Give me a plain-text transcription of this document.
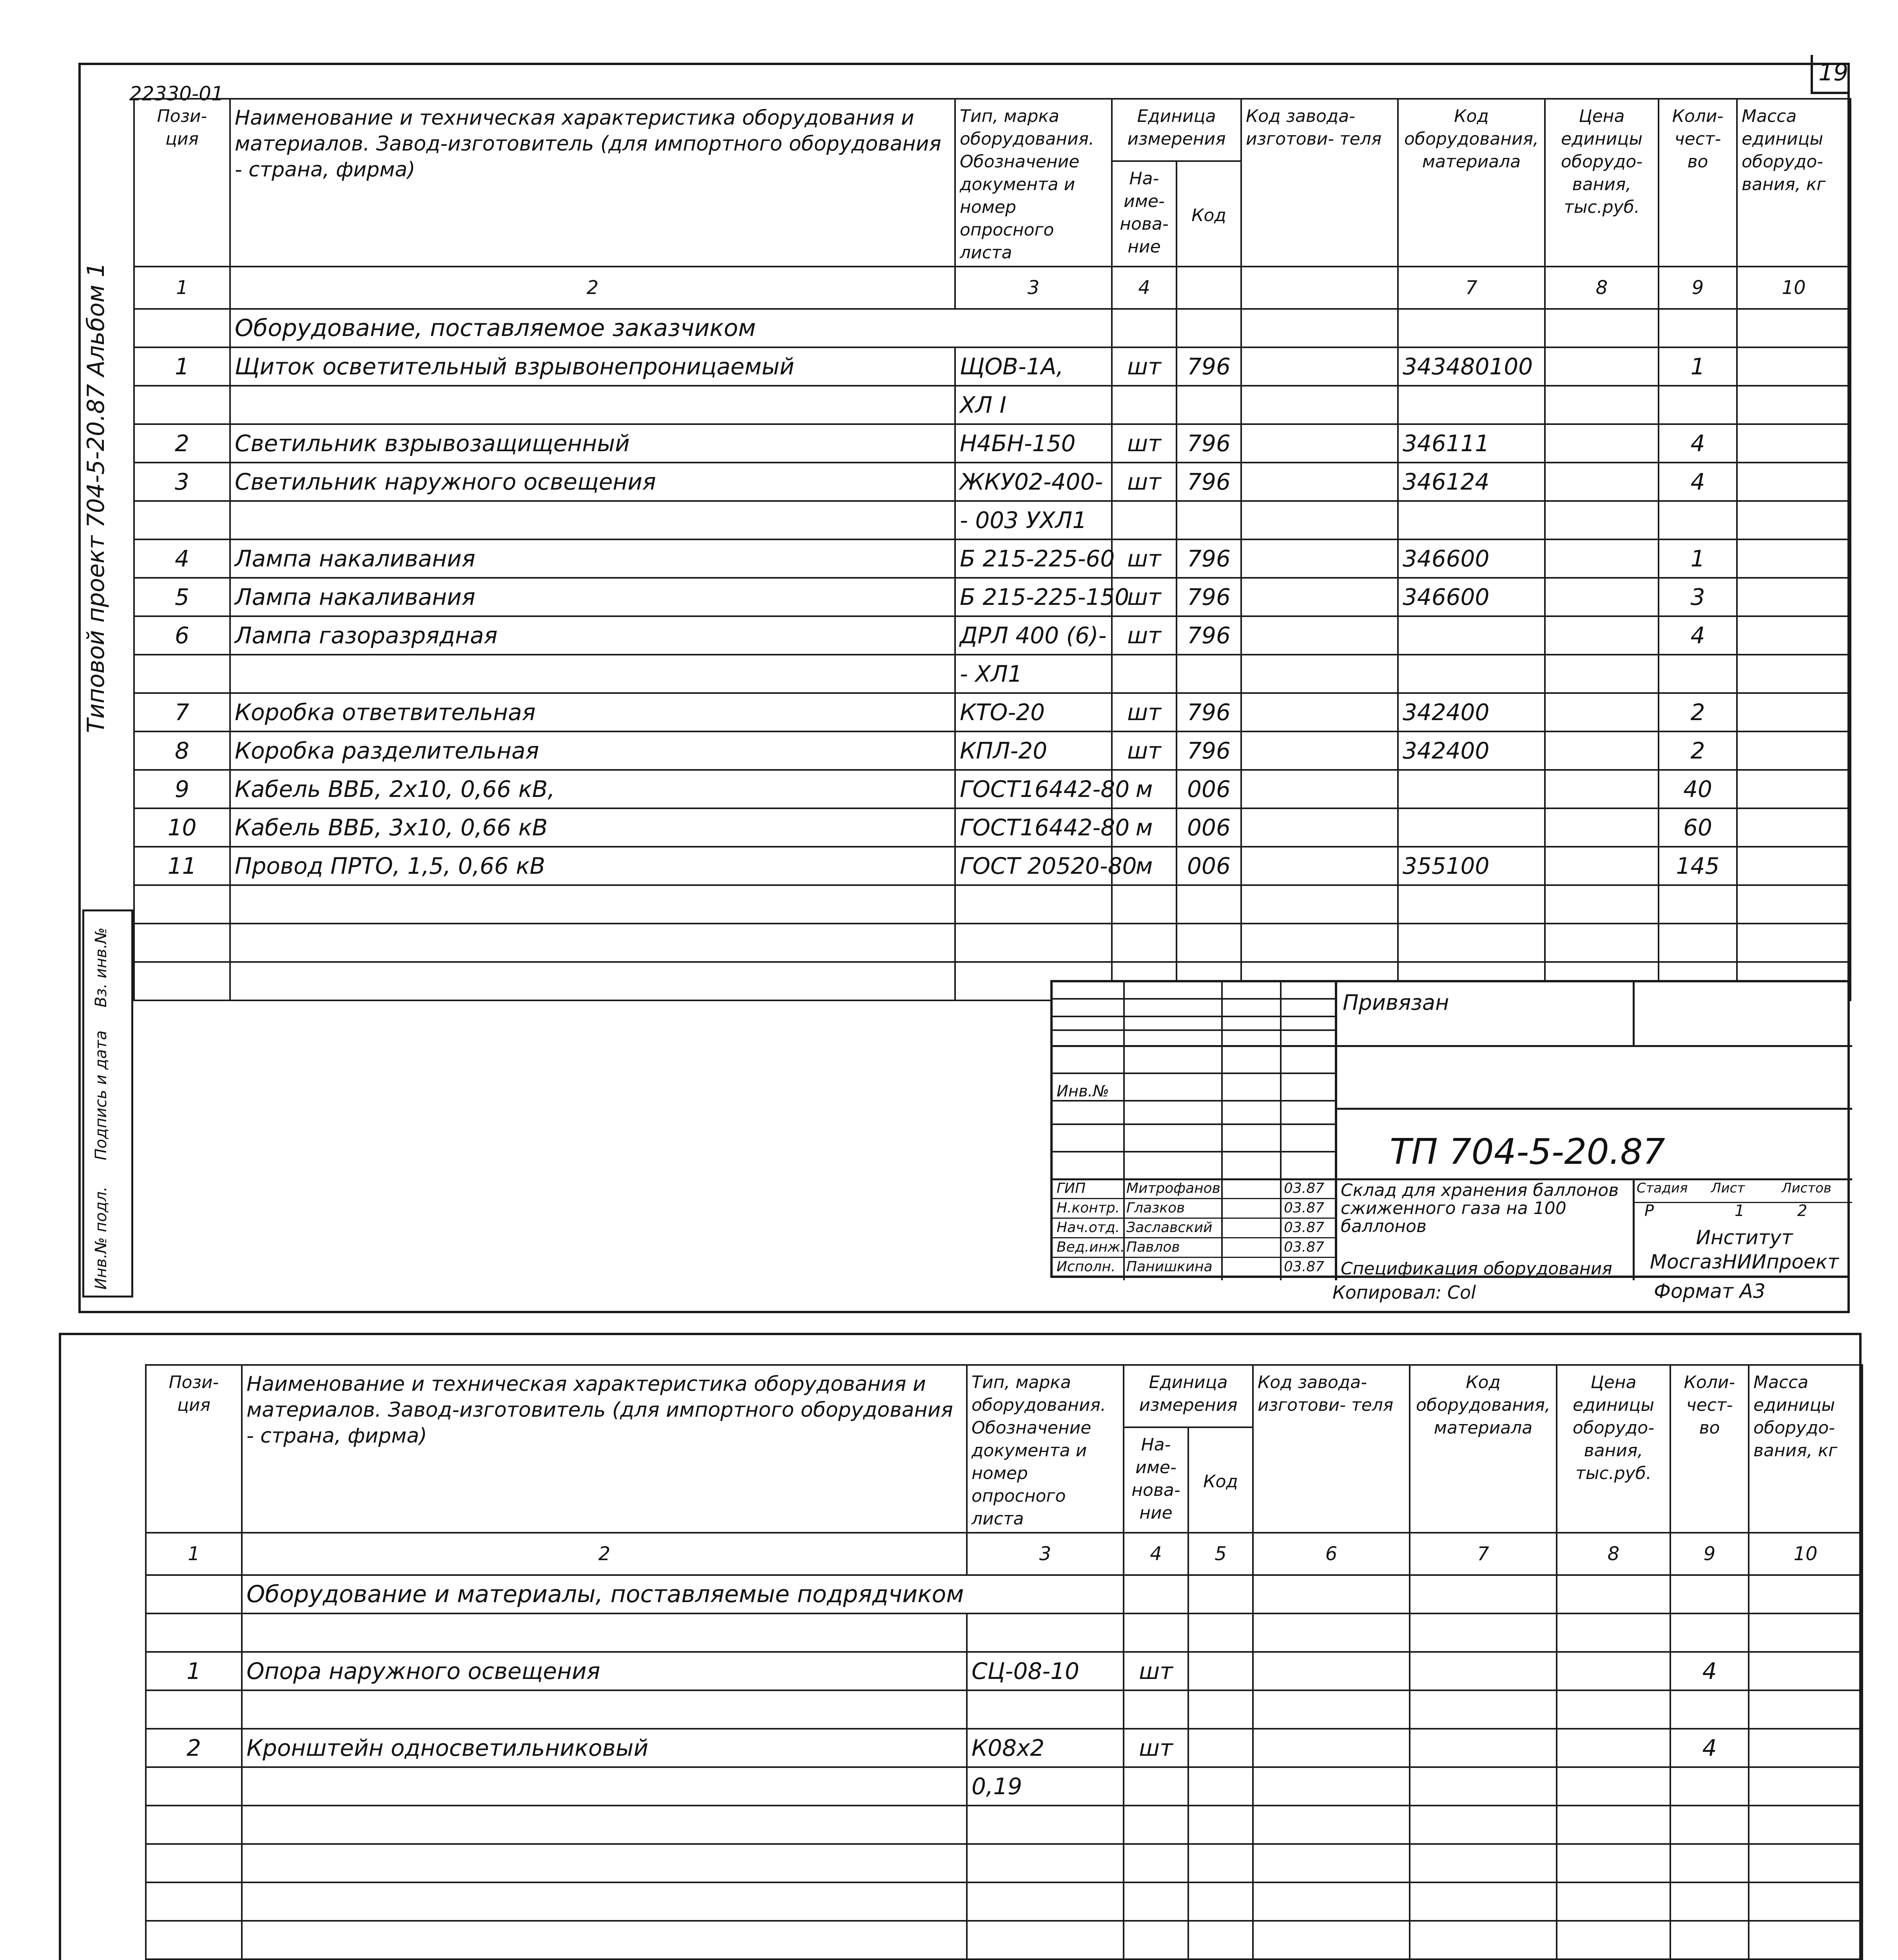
22330-01
19
Типовой проект 704-5-20.87 Альбом 1
Инв.№ подл.
Подпись и дата
Вз. инв.№
Пози- ция	Наименование и техническая характеристика оборудования и материалов. Завод-изготовитель (для импортного оборудования - страна, фирма)	Тип, марка оборудования. Обозначение документа и номер опросного листа	Единица измерения		Код завода- изготови- теля	Код оборудования, материала	Цена единицы оборудо- вания, тыс.руб.	Коли- чест- во	Масса единицы оборудо- вания, кг
			На- име- нова- ние	Код					
1	2	3	4			7	8	9	10
	Оборудование, поставляемое заказчиком								
1	Щиток осветительный взрывонепроницаемый	ЩОВ-1А,	шт	796		343480100		1	
		ХЛ I							
2	Светильник взрывозащищенный	Н4БН-150	шт	796		346111		4	
3	Светильник наружного освещения	ЖКУ02-400-	шт	796		346124		4	
		- 003 УХЛ1							
4	Лампа накаливания	Б 215-225-60	шт	796		346600		1	
5	Лампа накаливания	Б 215-225-150	шт	796		346600		3	
6	Лампа газоразрядная	ДРЛ 400 (6)-	шт	796				4	
		- ХЛ1							
7	Коробка ответвительная	КТО-20	шт	796		342400		2	
8	Коробка разделительная	КПЛ-20	шт	796		342400		2	
9	Кабель ВВБ, 2x10, 0,66 кВ,	ГОСТ16442-80	м	006				40	
10	Кабель ВВБ, 3x10, 0,66 кВ	ГОСТ16442-80	м	006				60	
11	Провод ПРТО, 1,5, 0,66 кВ	ГОСТ 20520-80	м	006		355100		145	

Привязан
Инв.№
ТП 704-5-20.87
Склад для хранения баллонов сжиженного газа на 100 баллонов
Спецификация оборудования
Стадия Лист	Листов
Р	1	2
Институт МосгазНИИпроект
ГИП	Митрофанов	03.87
Н.контр. Глазков	03.87
Нач.отд. Заславский	03.87
Вед.инж. Павлов	03.87
Исполн. Панишкина	03.87
Копировал: Соl	Формат А3
Пози- ция	Наименование и техническая характеристика оборудования и материалов. Завод-изготовитель (для импортного оборудования - страна, фирма)	Тип, марка оборудования. Обозначение документа и номер опросного листа	Единица измерения		Код завода- изготови- теля	Код оборудования, материала	Цена единицы оборудо- вания, тыс.руб.	Коли- чест- во	Масса единицы оборудо- вания, кг
			На- име- нова- ние	Код					
1	2	3	4	5	6	7	8	9	10
	Оборудование и материалы, поставляемые подрядчиком								

1	Опора наружного освещения	СЦ-08-10	шт					4	

2	Кронштейн односветильниковый	К08x2	шт					4	
		0,19							
